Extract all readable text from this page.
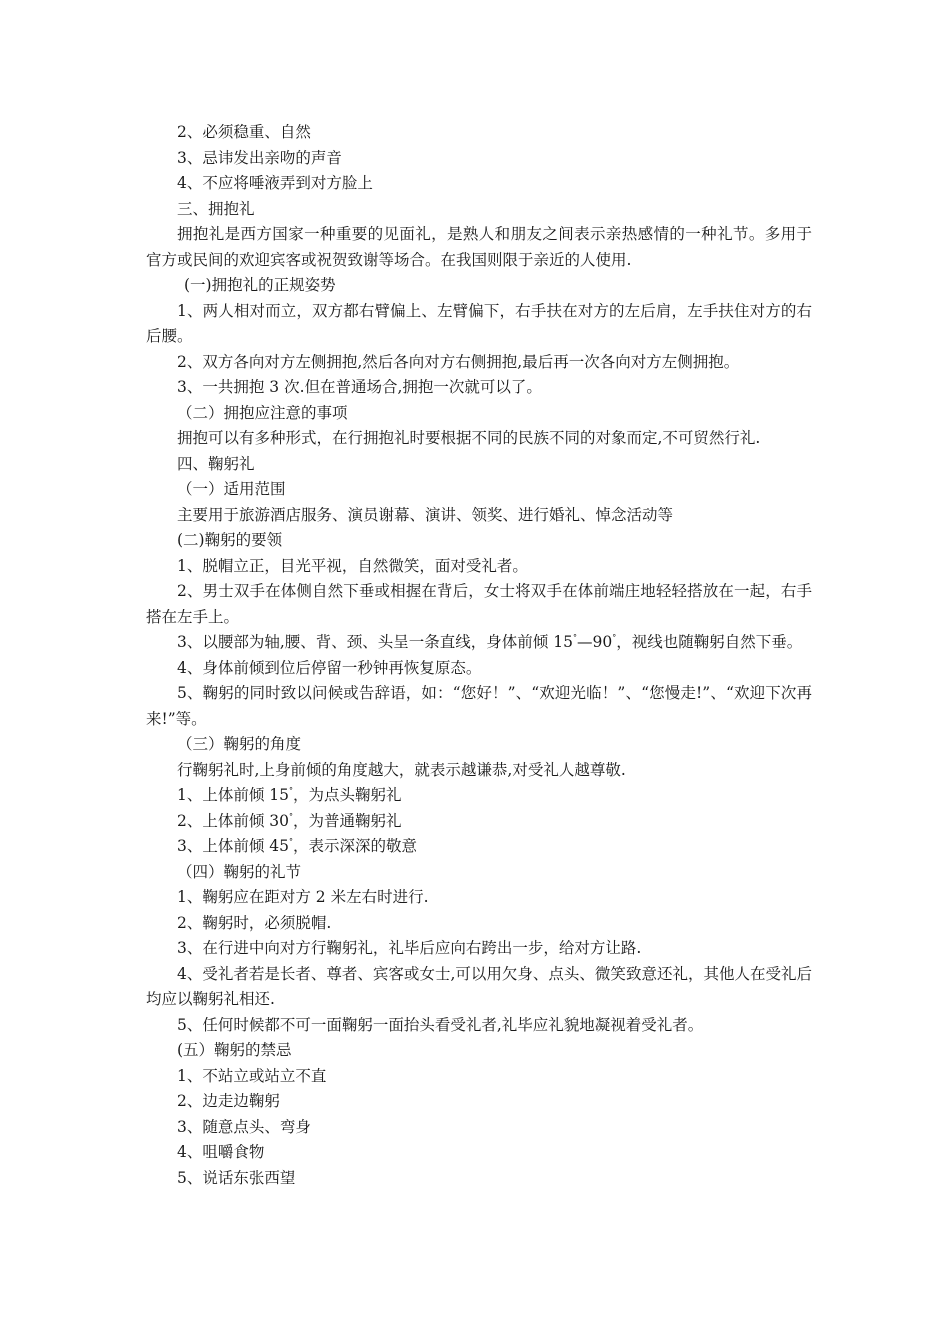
2、必须稳重、自然

3、忌讳发出亲吻的声音

4、不应将唾液弄到对方脸上

三、拥抱礼

拥抱礼是西方国家一种重要的见面礼，是熟人和朋友之间表示亲热感情的一种礼节。多用于官方或民间的欢迎宾客或祝贺致谢等场合。在我国则限于亲近的人使用.

(一)拥抱礼的正规姿势

1、两人相对而立，双方都右臂偏上、左臂偏下，右手扶在对方的左后肩，左手扶住对方的右后腰。

2、双方各向对方左侧拥抱,然后各向对方右侧拥抱,最后再一次各向对方左侧拥抱。

3、一共拥抱 3 次.但在普通场合,拥抱一次就可以了。

（二）拥抱应注意的事项

拥抱可以有多种形式，在行拥抱礼时要根据不同的民族不同的对象而定,不可贸然行礼.

四、鞠躬礼

（一）适用范围

主要用于旅游酒店服务、演员谢幕、演讲、领奖、进行婚礼、悼念活动等

(二)鞠躬的要领

1、脱帽立正，目光平视，自然微笑，面对受礼者。

2、男士双手在体侧自然下垂或相握在背后，女士将双手在体前端庄地轻轻搭放在一起，右手搭在左手上。

3、以腰部为轴,腰、背、颈、头呈一条直线，身体前倾 15°—90°，视线也随鞠躬自然下垂。

4、身体前倾到位后停留一秒钟再恢复原态。

5、鞠躬的同时致以问候或告辞语，如：“您好！”、“欢迎光临！”、“您慢走!”、“欢迎下次再来!”等。

（三）鞠躬的角度

行鞠躬礼时,上身前倾的角度越大，就表示越谦恭,对受礼人越尊敬.

1、上体前倾 15°，为点头鞠躬礼

2、上体前倾 30°，为普通鞠躬礼

3、上体前倾 45°，表示深深的敬意

（四）鞠躬的礼节

1、鞠躬应在距对方 2 米左右时进行.

2、鞠躬时，必须脱帽.

3、在行进中向对方行鞠躬礼，礼毕后应向右跨出一步，给对方让路.

4、受礼者若是长者、尊者、宾客或女士,可以用欠身、点头、微笑致意还礼，其他人在受礼后均应以鞠躬礼相还.

5、任何时候都不可一面鞠躬一面抬头看受礼者,礼毕应礼貌地凝视着受礼者。

(五）鞠躬的禁忌

1、不站立或站立不直

2、边走边鞠躬

3、随意点头、弯身

4、咀嚼食物

5、说话东张西望
